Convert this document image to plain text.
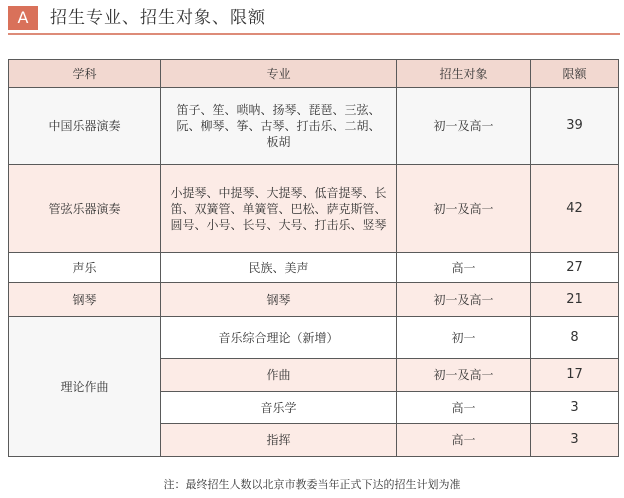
A	招生专业、招生对象、限额
学科	专业	招生对象	限额
中国乐器演奏	笛子、笙、唢呐、扬琴、琵琶、三弦、阮、柳琴、筝、古琴、打击乐、二胡、板胡	初一及高一	39
管弦乐器演奏	小提琴、中提琴、大提琴、低音提琴、长笛、双簧管、单簧管、巴松、萨克斯管、圆号、小号、长号、大号、打击乐、竖琴	初一及高一	42
声乐	民族、美声	高一	27
钢琴	钢琴	初一及高一	21
理论作曲	音乐综合理论（新增）	初一	8
	作曲	初一及高一	17
	音乐学	高一	3
	指挥	高一	3
注：最终招生人数以北京市教委当年正式下达的招生计划为准
